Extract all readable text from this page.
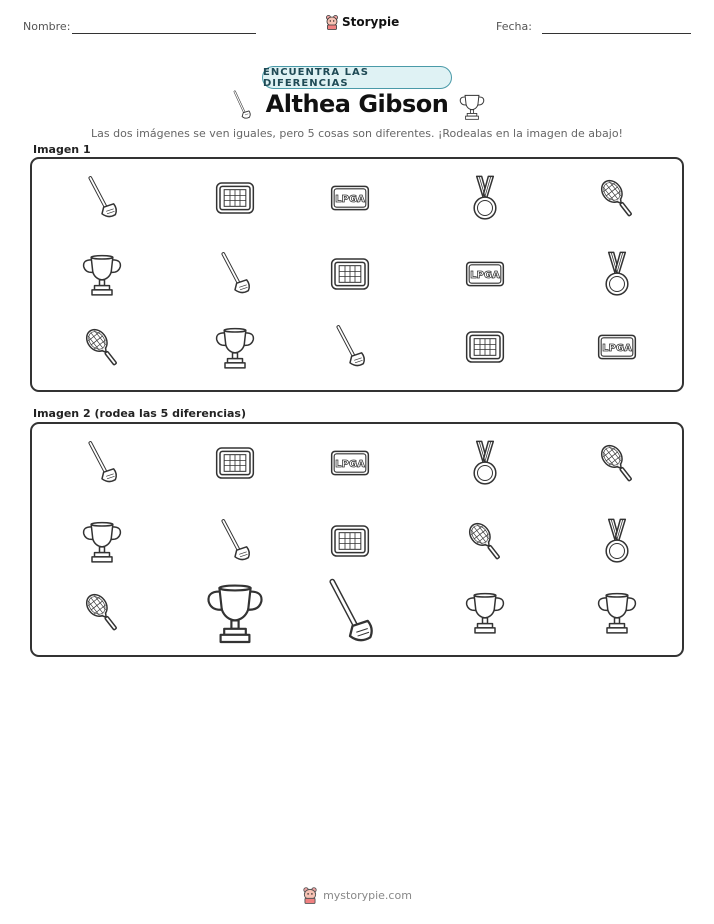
Nombre:	Storypie	Fecha:
ENCUENTRA LAS DIFERENCIAS
Althea Gibson
Las dos imágenes se ven iguales, pero 5 cosas son diferentes. ¡Rodealas en la imagen de abajo!
Imagen 1
Imagen 2 (rodea las 5 diferencias)
LPGA
LPGA
LPGA
LPGA
mystorypie.com
